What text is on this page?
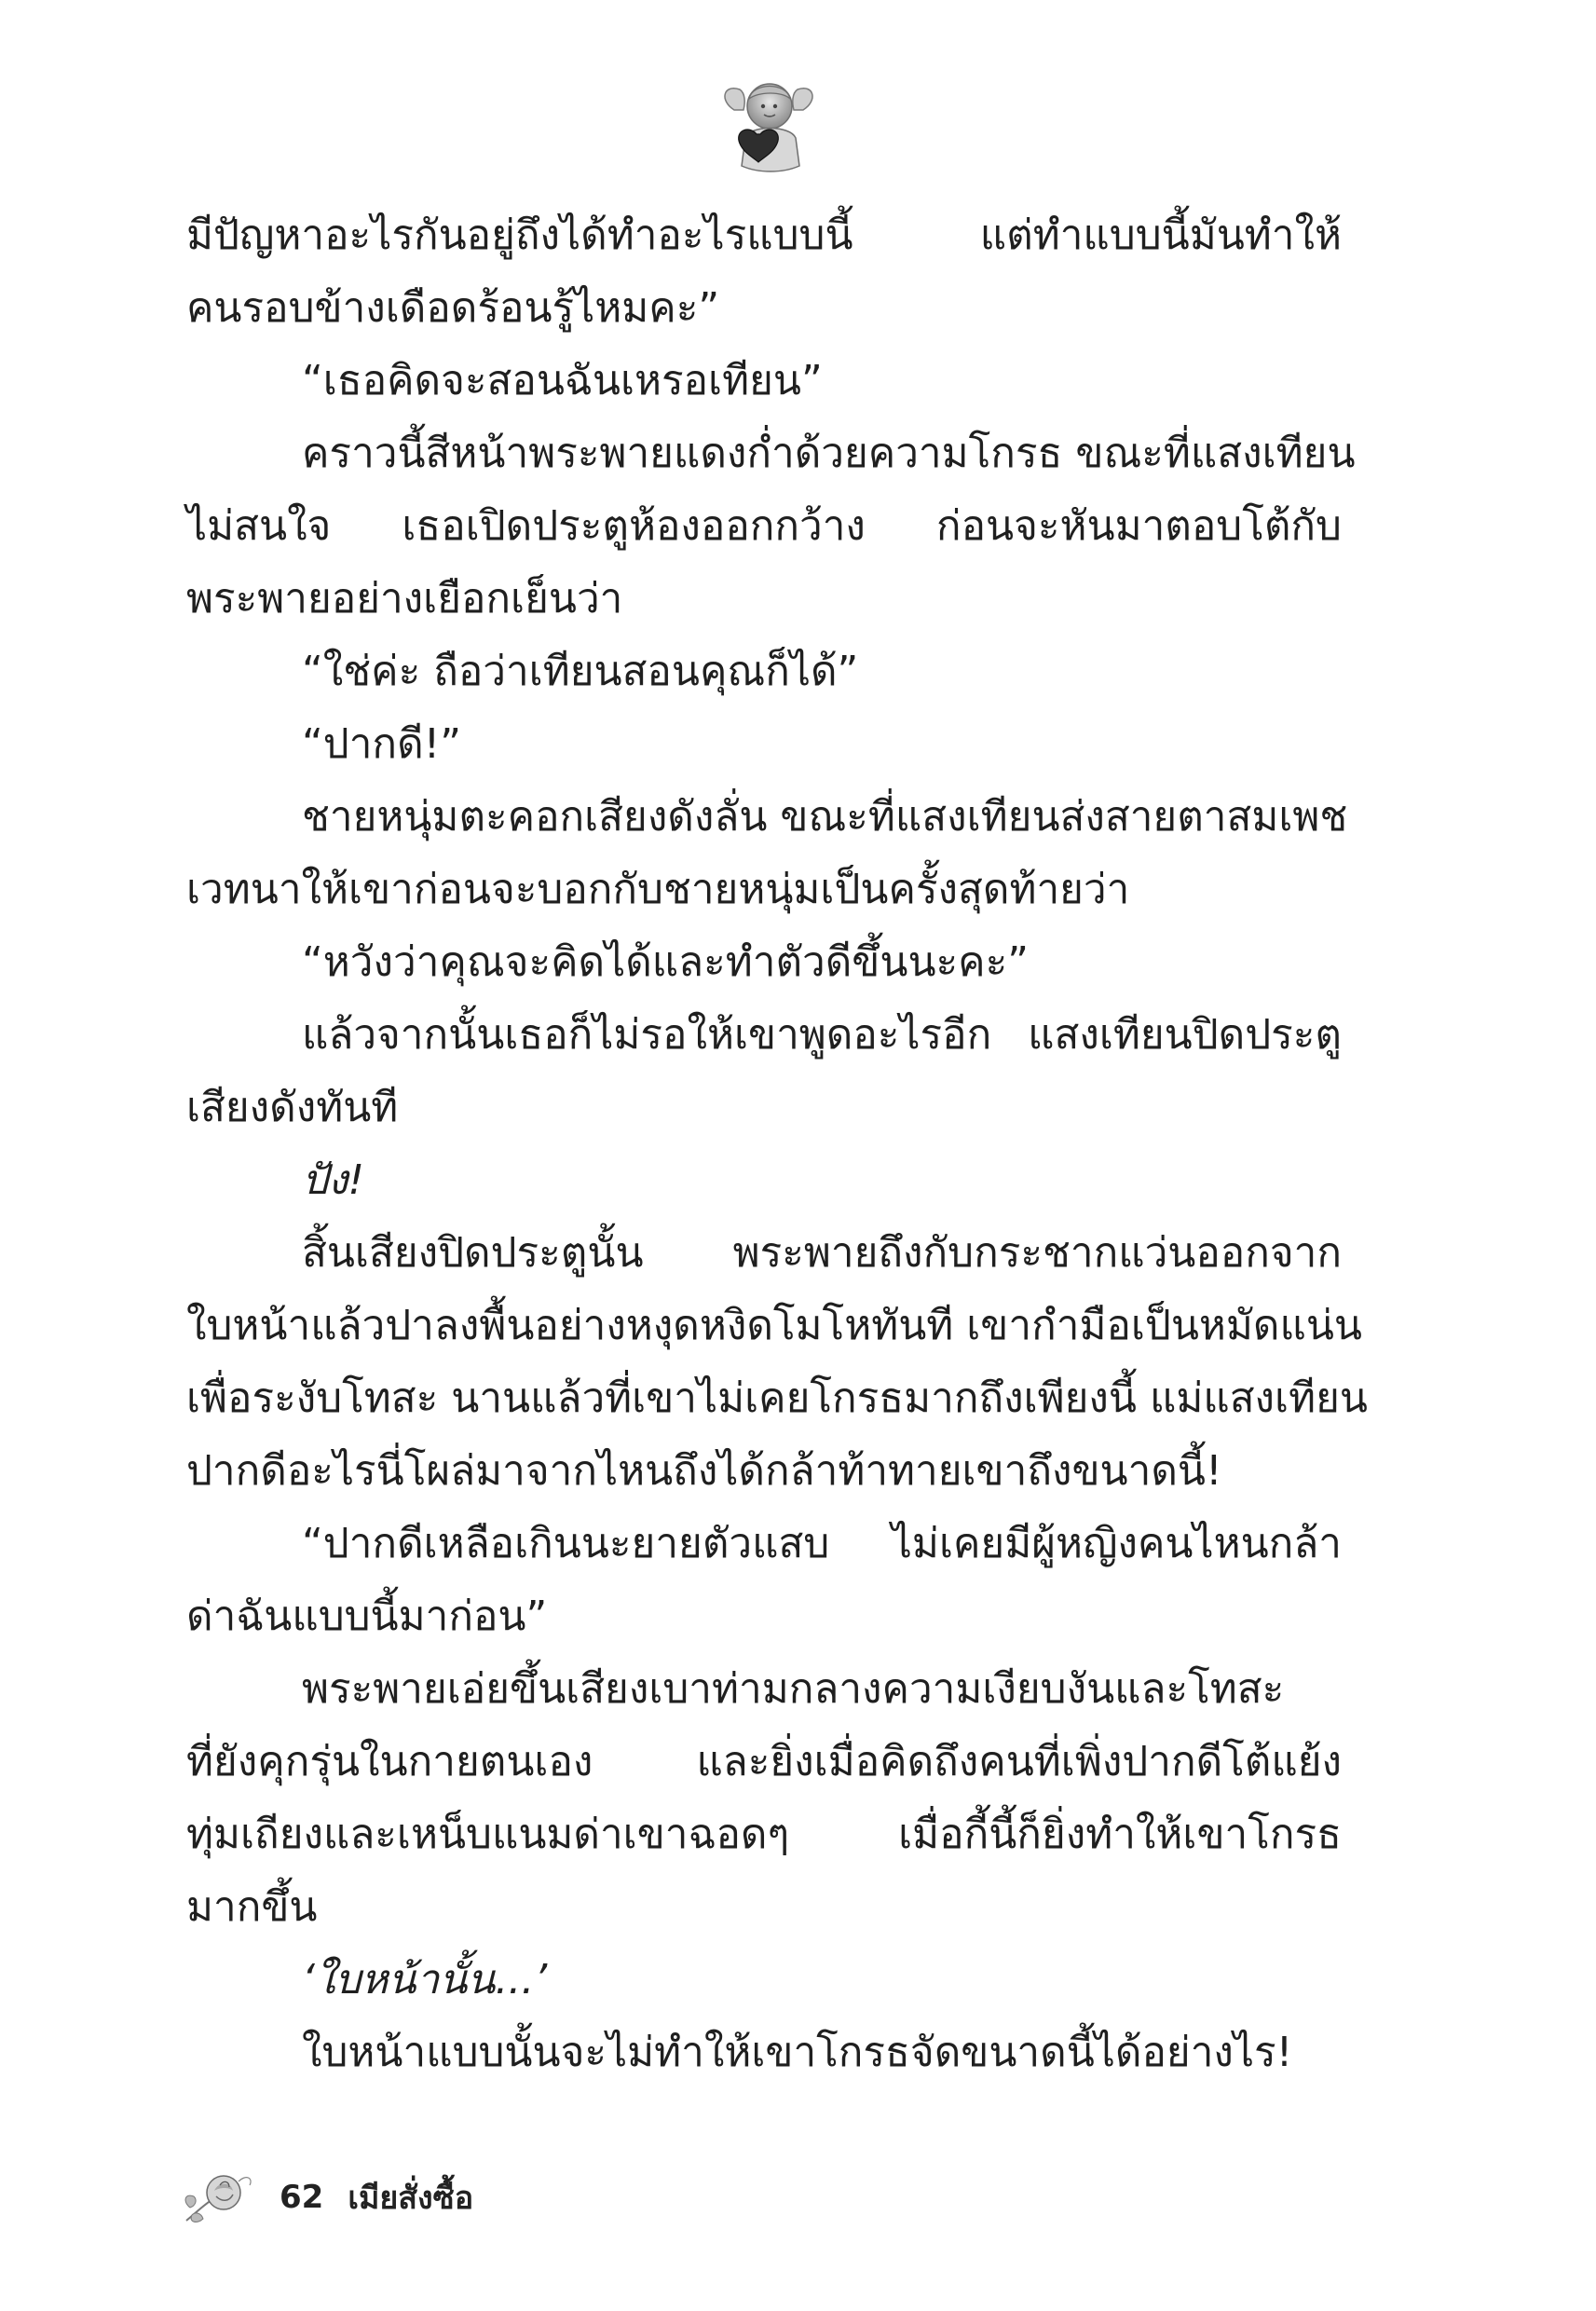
มีปัญหาอะไรกันอยู่ถึงได้ทำอะไรแบบนี้ แต่ทำแบบนี้มันทำให้
คนรอบข้างเดือดร้อนรู้ไหมคะ”
“เธอคิดจะสอนฉันเหรอเทียน”
คราวนี้สีหน้าพระพายแดงก่ำด้วยความโกรธ ขณะที่แสงเทียน
ไม่สนใจ เธอเปิดประตูห้องออกกว้าง ก่อนจะหันมาตอบโต้กับ
พระพายอย่างเยือกเย็นว่า
“ใช่ค่ะ ถือว่าเทียนสอนคุณก็ได้”
“ปากดี!”
ชายหนุ่มตะคอกเสียงดังลั่น ขณะที่แสงเทียนส่งสายตาสมเพช
เวทนาให้เขาก่อนจะบอกกับชายหนุ่มเป็นครั้งสุดท้ายว่า
“หวังว่าคุณจะคิดได้และทำตัวดีขึ้นนะคะ”
แล้วจากนั้นเธอก็ไม่รอให้เขาพูดอะไรอีก แสงเทียนปิดประตู
เสียงดังทันที
ปัง!
สิ้นเสียงปิดประตูนั้น พระพายถึงกับกระชากแว่นออกจาก
ใบหน้าแล้วปาลงพื้นอย่างหงุดหงิดโมโหทันที เขากำมือเป็นหมัดแน่น
เพื่อระงับโทสะ นานแล้วที่เขาไม่เคยโกรธมากถึงเพียงนี้ แม่แสงเทียน
ปากดีอะไรนี่โผล่มาจากไหนถึงได้กล้าท้าทายเขาถึงขนาดนี้!
“ปากดีเหลือเกินนะยายตัวแสบ ไม่เคยมีผู้หญิงคนไหนกล้า
ด่าฉันแบบนี้มาก่อน”
พระพายเอ่ยขึ้นเสียงเบาท่ามกลางความเงียบงันและโทสะ
ที่ยังคุกรุ่นในกายตนเอง และยิ่งเมื่อคิดถึงคนที่เพิ่งปากดีโต้แย้ง
ทุ่มเถียงและเหน็บแนมด่าเขาฉอดๆ เมื่อกี้นี้ก็ยิ่งทำให้เขาโกรธ
มากขึ้น
‘ใบหน้านั้น...’
ใบหน้าแบบนั้นจะไม่ทำให้เขาโกรธจัดขนาดนี้ได้อย่างไร!
62 เมียสั่งซื้อ
